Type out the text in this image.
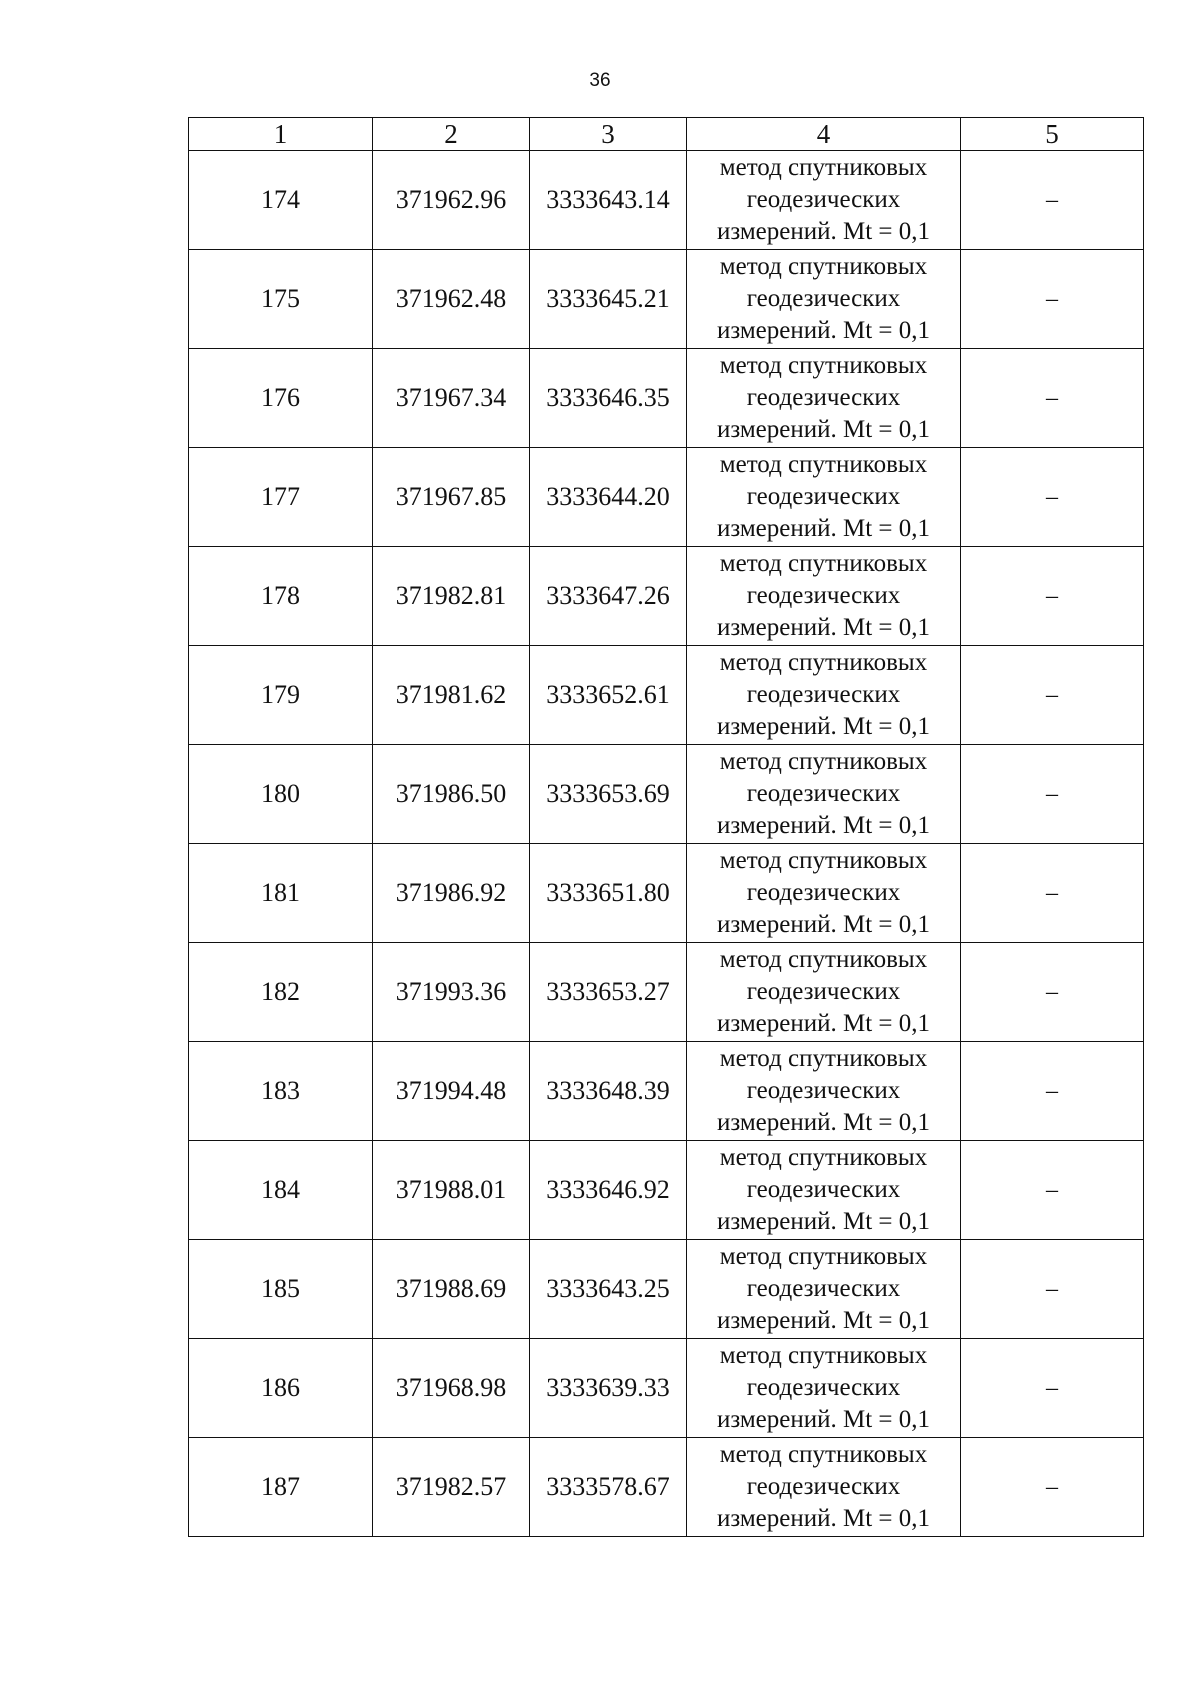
36
1	2	3	4	5
174	371962.96	3333643.14	метод спутниковых
геодезических
измерений. Mt = 0,1	–
175	371962.48	3333645.21	метод спутниковых
геодезических
измерений. Mt = 0,1	–
176	371967.34	3333646.35	метод спутниковых
геодезических
измерений. Mt = 0,1	–
177	371967.85	3333644.20	метод спутниковых
геодезических
измерений. Mt = 0,1	–
178	371982.81	3333647.26	метод спутниковых
геодезических
измерений. Mt = 0,1	–
179	371981.62	3333652.61	метод спутниковых
геодезических
измерений. Mt = 0,1	–
180	371986.50	3333653.69	метод спутниковых
геодезических
измерений. Mt = 0,1	–
181	371986.92	3333651.80	метод спутниковых
геодезических
измерений. Mt = 0,1	–
182	371993.36	3333653.27	метод спутниковых
геодезических
измерений. Mt = 0,1	–
183	371994.48	3333648.39	метод спутниковых
геодезических
измерений. Mt = 0,1	–
184	371988.01	3333646.92	метод спутниковых
геодезических
измерений. Mt = 0,1	–
185	371988.69	3333643.25	метод спутниковых
геодезических
измерений. Mt = 0,1	–
186	371968.98	3333639.33	метод спутниковых
геодезических
измерений. Mt = 0,1	–
187	371982.57	3333578.67	метод спутниковых
геодезических
измерений. Mt = 0,1	–
